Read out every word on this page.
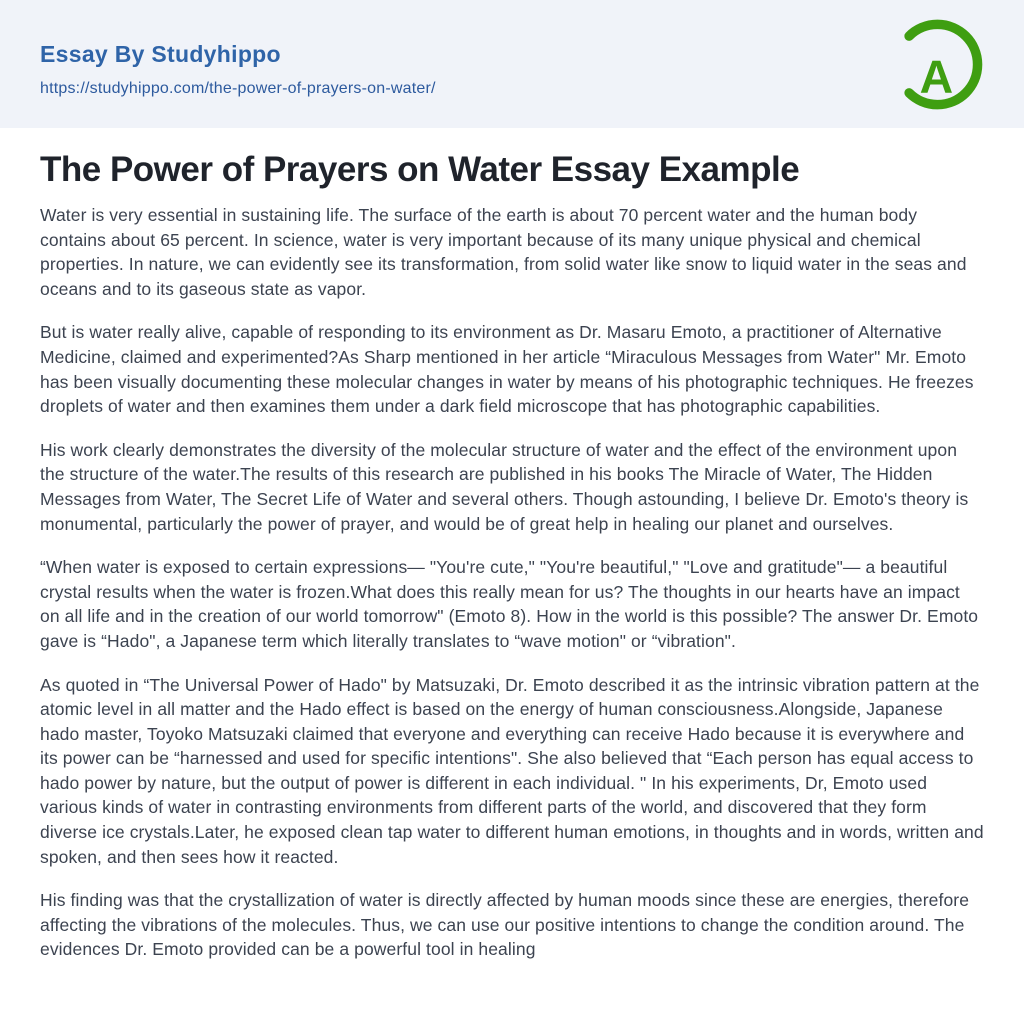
Essay By Studyhippo
https://studyhippo.com/the-power-of-prayers-on-water/	A
The Power of Prayers on Water Essay Example

Water is very essential in sustaining life. The surface of the earth is about 70 percent water and the human body contains about 65 percent. In science, water is very important because of its many unique physical and chemical properties. In nature, we can evidently see its transformation, from solid water like snow to liquid water in the seas and oceans and to its gaseous state as vapor.

But is water really alive, capable of responding to its environment as Dr. Masaru Emoto, a practitioner of Alternative Medicine, claimed and experimented?As Sharp mentioned in her article “Miraculous Messages from Water" Mr. Emoto has been visually documenting these molecular changes in water by means of his photographic techniques. He freezes droplets of water and then examines them under a dark field microscope that has photographic capabilities.

His work clearly demonstrates the diversity of the molecular structure of water and the effect of the environment upon the structure of the water.The results of this research are published in his books The Miracle of Water, The Hidden Messages from Water, The Secret Life of Water and several others. Though astounding, I believe Dr. Emoto's theory is monumental, particularly the power of prayer, and would be of great help in healing our planet and ourselves.

“When water is exposed to certain expressions— "You're cute," "You're beautiful," "Love and gratitude"— a beautiful crystal results when the water is frozen.What does this really mean for us? The thoughts in our hearts have an impact on all life and in the creation of our world tomorrow" (Emoto 8). How in the world is this possible? The answer Dr. Emoto gave is “Hado", a Japanese term which literally translates to “wave motion" or “vibration".

As quoted in “The Universal Power of Hado" by Matsuzaki, Dr. Emoto described it as the intrinsic vibration pattern at the atomic level in all matter and the Hado effect is based on the energy of human consciousness.Alongside, Japanese hado master, Toyoko Matsuzaki claimed that everyone and everything can receive Hado because it is everywhere and its power can be “harnessed and used for specific intentions". She also believed that “Each person has equal access to hado power by nature, but the output of power is different in each individual. " In his experiments, Dr, Emoto used various kinds of water in contrasting environments from different parts of the world, and discovered that they form diverse ice crystals.Later, he exposed clean tap water to different human emotions, in thoughts and in words, written and spoken, and then sees how it reacted.

His finding was that the crystallization of water is directly affected by human moods since these are energies, therefore affecting the vibrations of the molecules. Thus, we can use our positive intentions to change the condition around. The evidences Dr. Emoto provided can be a powerful tool in healing
